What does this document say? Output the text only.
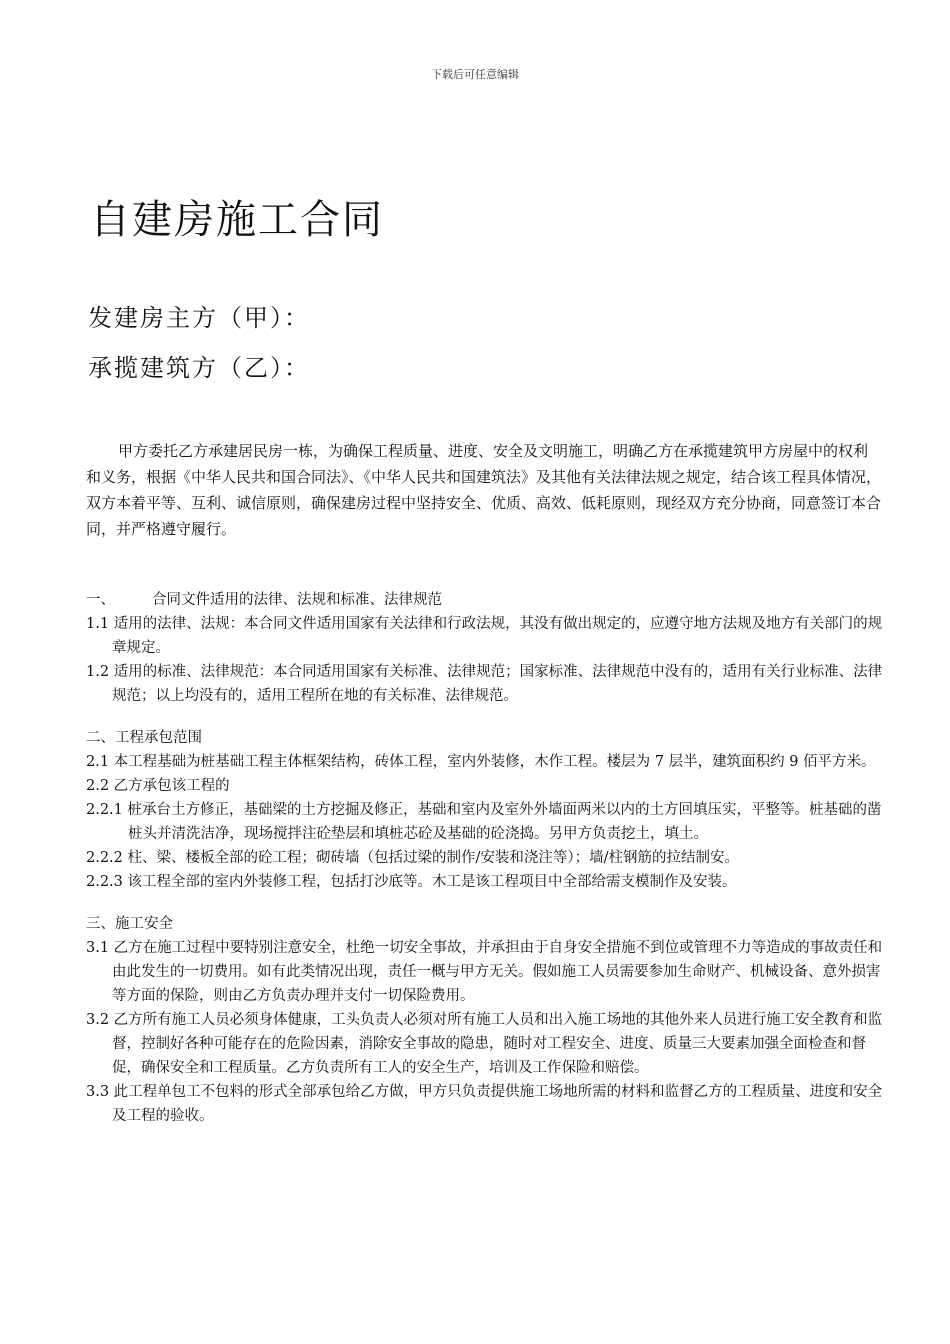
下载后可任意编辑
自建房施工合同
发建房主方（甲）：
承揽建筑方（乙）：

甲方委托乙方承建居民房一栋，为确保工程质量、进度、安全及文明施工，明确乙方在承揽建筑甲方房屋中的权利和义务，根据《中华人民共和国合同法》、《中华人民共和国建筑法》及其他有关法律法规之规定，结合该工程具体情况，双方本着平等、互利、诚信原则，确保建房过程中坚持安全、优质、高效、低耗原则，现经双方充分协商，同意签订本合同，并严格遵守履行。

一、	合同文件适用的法律、法规和标准、法律规范

1.1 适用的法律、法规：本合同文件适用国家有关法律和行政法规，其没有做出规定的，应遵守地方法规及地方有关部门的规章规定。

1.2 适用的标准、法律规范：本合同适用国家有关标准、法律规范；国家标准、法律规范中没有的，适用有关行业标准、法律规范；以上均没有的，适用工程所在地的有关标准、法律规范。

二、工程承包范围

2.1 本工程基础为桩基础工程主体框架结构，砖体工程，室内外装修，木作工程。楼层为 7 层半，建筑面积约 9 佰平方米。

2.2 乙方承包该工程的

2.2.1 桩承台土方修正，基础梁的土方挖掘及修正，基础和室内及室外外墙面两米以内的土方回填压实，平整等。桩基础的凿桩头并清洗洁净，现场搅拌注砼垫层和填桩芯砼及基础的砼浇捣。另甲方负责挖土，填土。

2.2.2 柱、梁、楼板全部的砼工程；砌砖墙（包括过梁的制作/安装和浇注等）；墙/柱钢筋的拉结制安。

2.2.3 该工程全部的室内外装修工程，包括打沙底等。木工是该工程项目中全部给需支模制作及安装。

三、施工安全

3.1 乙方在施工过程中要特别注意安全，杜绝一切安全事故，并承担由于自身安全措施不到位或管理不力等造成的事故责任和由此发生的一切费用。如有此类情况出现，责任一概与甲方无关。假如施工人员需要参加生命财产、机械设备、意外损害等方面的保险，则由乙方负责办理并支付一切保险费用。

3.2 乙方所有施工人员必须身体健康，工头负责人必须对所有施工人员和出入施工场地的其他外来人员进行施工安全教育和监督，控制好各种可能存在的危险因素，消除安全事故的隐患，随时对工程安全、进度、质量三大要素加强全面检查和督促，确保安全和工程质量。乙方负责所有工人的安全生产，培训及工作保险和赔偿。

3.3 此工程单包工不包料的形式全部承包给乙方做，甲方只负责提供施工场地所需的材料和监督乙方的工程质量、进度和安全及工程的验收。
